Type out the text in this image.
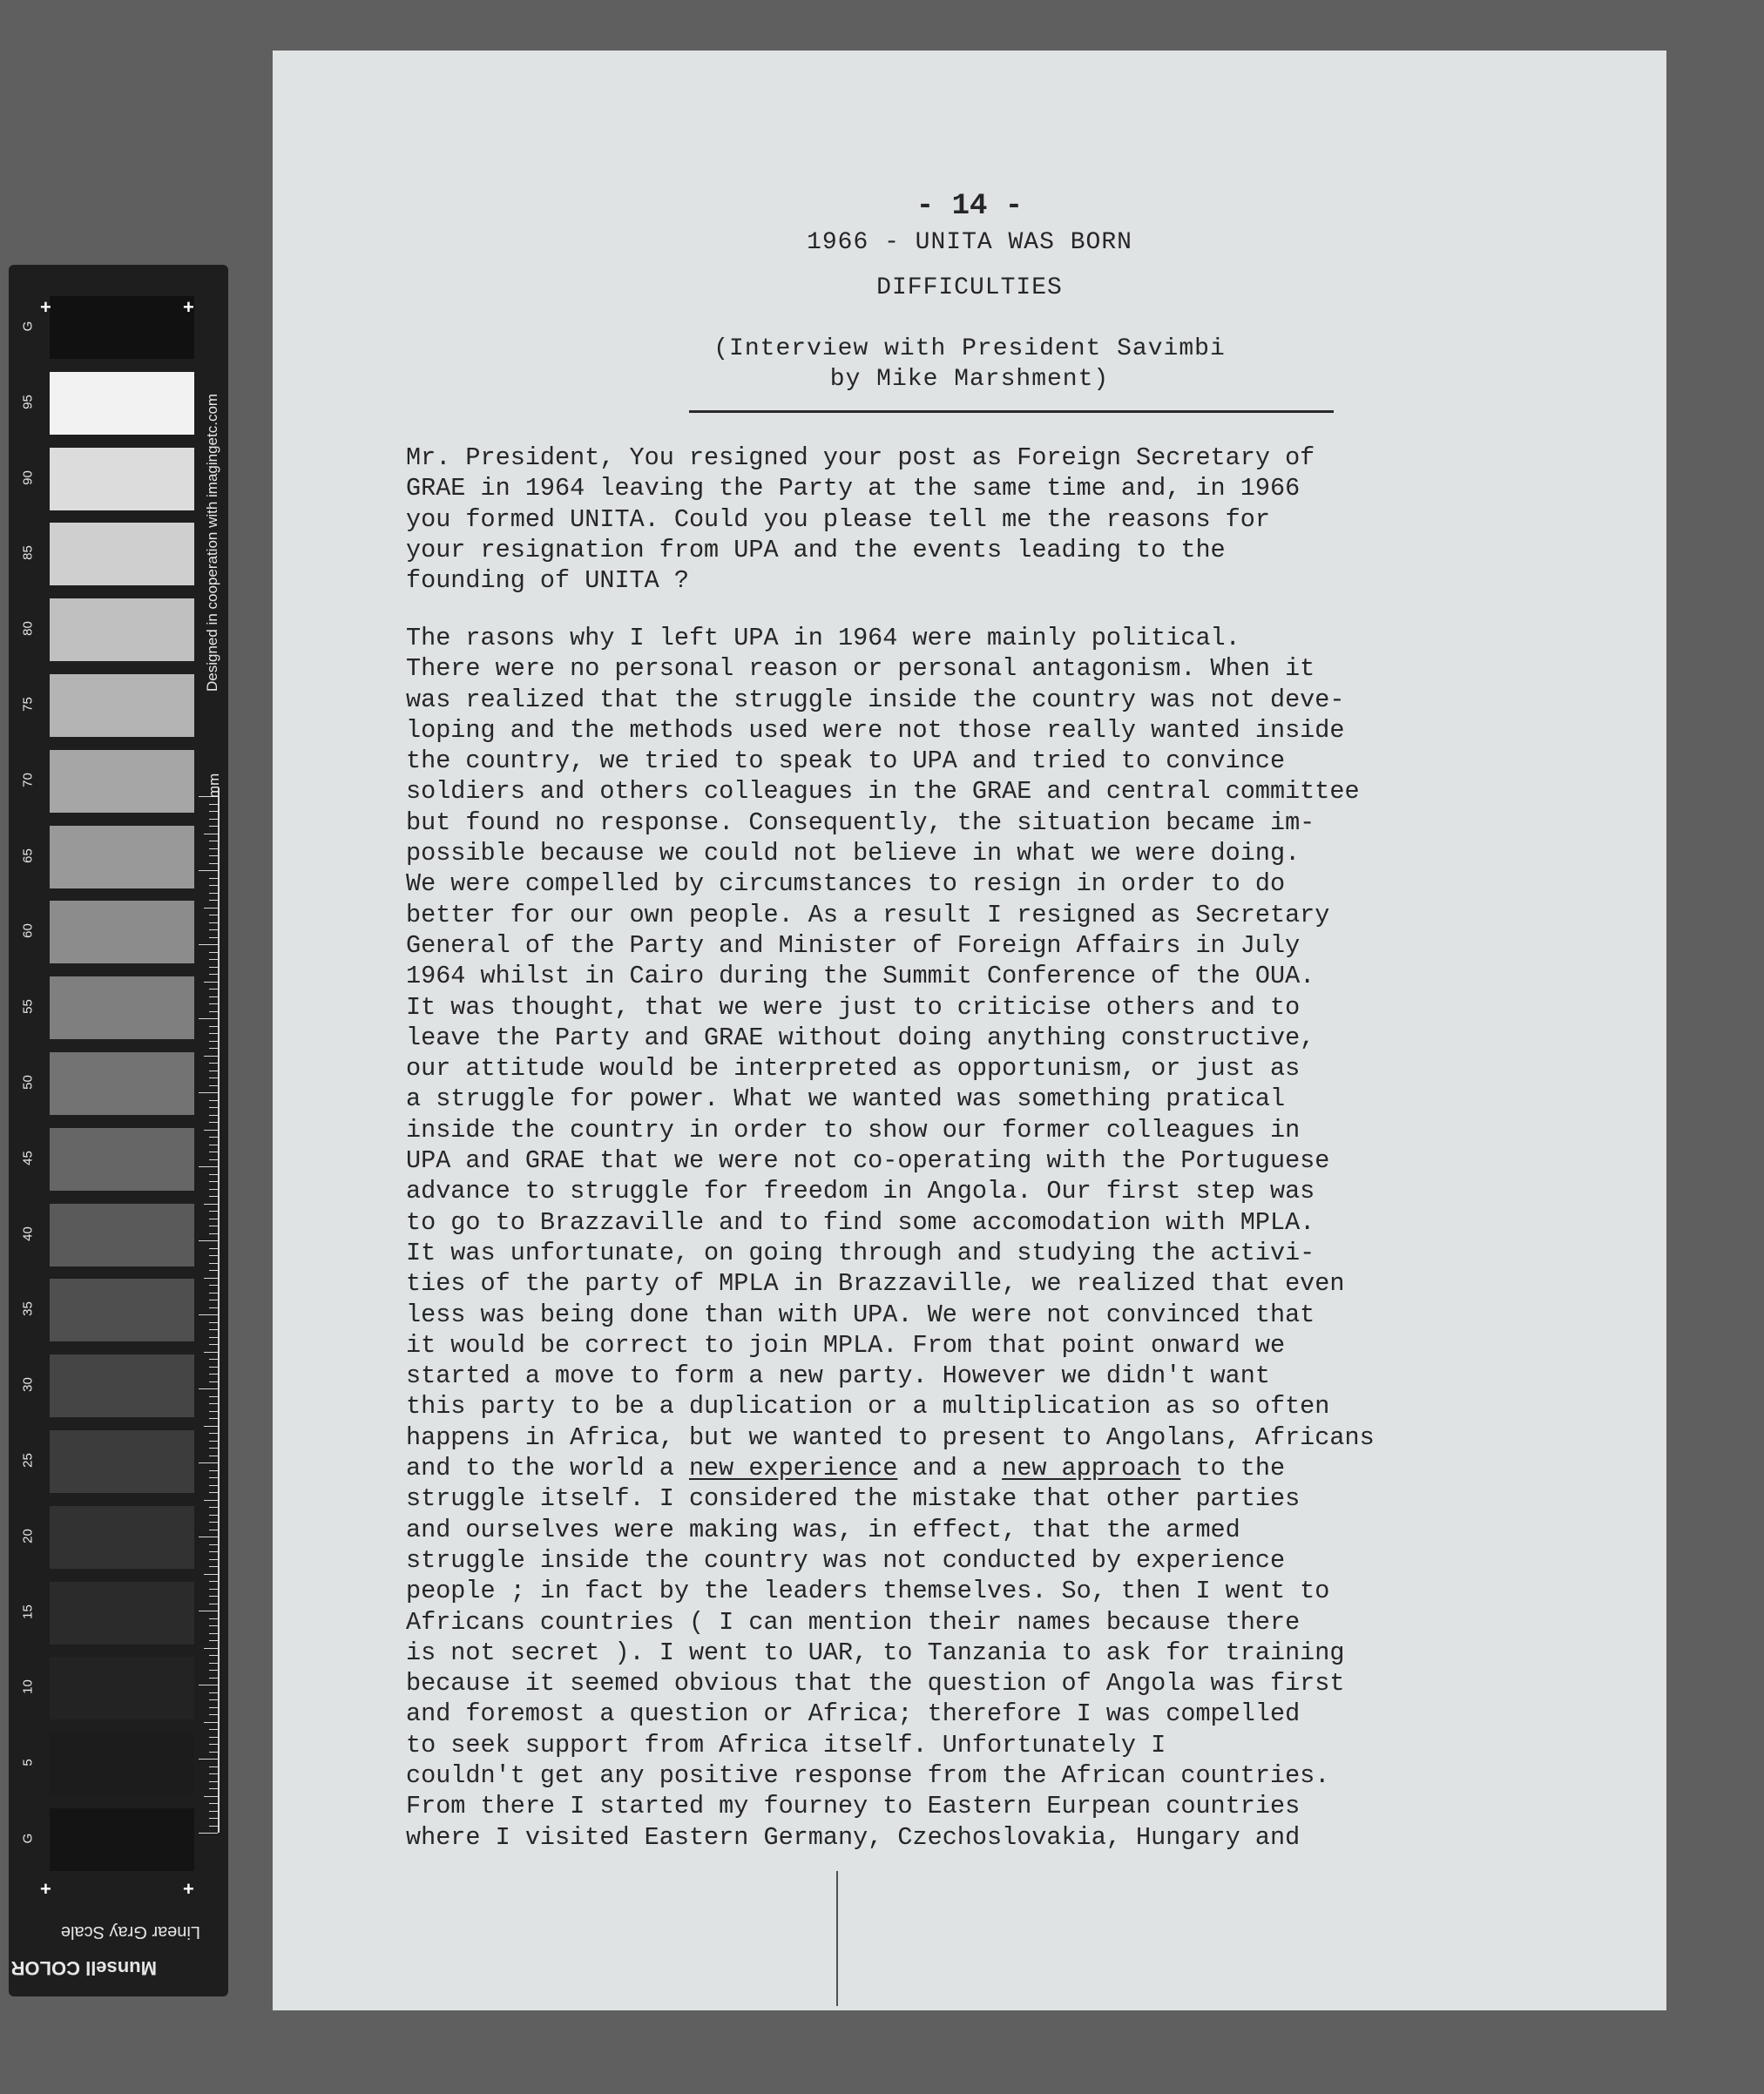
G
95
90
85
80
75
70
65
60
55
50
45
40
35
30
25
20
15
10
5
G
+	+
+	+
Designed in cooperation with imagingetc.com
mm
Linear Gray Scale
Munsell COLOR
- 14 -
1966 - UNITA WAS BORN
DIFFICULTIES
(Interview with President Savimbi
by Mike Marshment)
Mr. President, You resigned your post as Foreign Secretary of
GRAE in 1964 leaving the Party at the same time and, in 1966
you formed UNITA. Could you please tell me the reasons for
your resignation from UPA and the events leading to the
founding of UNITA ?
The rasons why I left UPA in 1964 were mainly political.
There were no personal reason or personal antagonism. When it
was realized that the struggle inside the country was not deve-
loping and the methods used were not those really wanted inside
the country, we tried to speak to UPA and tried to convince
soldiers and others colleagues in the GRAE and central committee
but found no response. Consequently, the situation became im-
possible because we could not believe in what we were doing.
We were compelled by circumstances to resign in order to do
better for our own people. As a result I resigned as Secretary
General of the Party and Minister of Foreign Affairs in July
1964 whilst in Cairo during the Summit Conference of the OUA.
It was thought, that we were just to criticise others and to
leave the Party and GRAE without doing anything constructive,
our attitude would be interpreted as opportunism, or just as
a struggle for power. What we wanted was something pratical
inside the country in order to show our former colleagues in
UPA and GRAE that we were not co-operating with the Portuguese
advance to struggle for freedom in Angola. Our first step was
to go to Brazzaville and to find some accomodation with MPLA.
It was unfortunate, on going through and studying the activi-
ties of the party of MPLA in Brazzaville, we realized that even
less was being done than with UPA. We were not convinced that
it would be correct to join MPLA. From that point onward we
started a move to form a new party. However we didn't want
this party to be a duplication or a multiplication as so often
happens in Africa, but we wanted to present to Angolans, Africans
and to the world a new experience and a new approach to the
struggle itself. I considered the mistake that other parties
and ourselves were making was, in effect, that the armed
struggle inside the country was not conducted by experience
people ; in fact by the leaders themselves. So, then I went to
Africans countries ( I can mention their names because there
is not secret ). I went to UAR, to Tanzania to ask for training
because it seemed obvious that the question of Angola was first
and foremost a question or Africa; therefore I was compelled
to seek support from Africa itself. Unfortunately I
couldn't get any positive response from the African countries.
From there I started my fourney to Eastern Eurpean countries
where I visited Eastern Germany, Czechoslovakia, Hungary and
